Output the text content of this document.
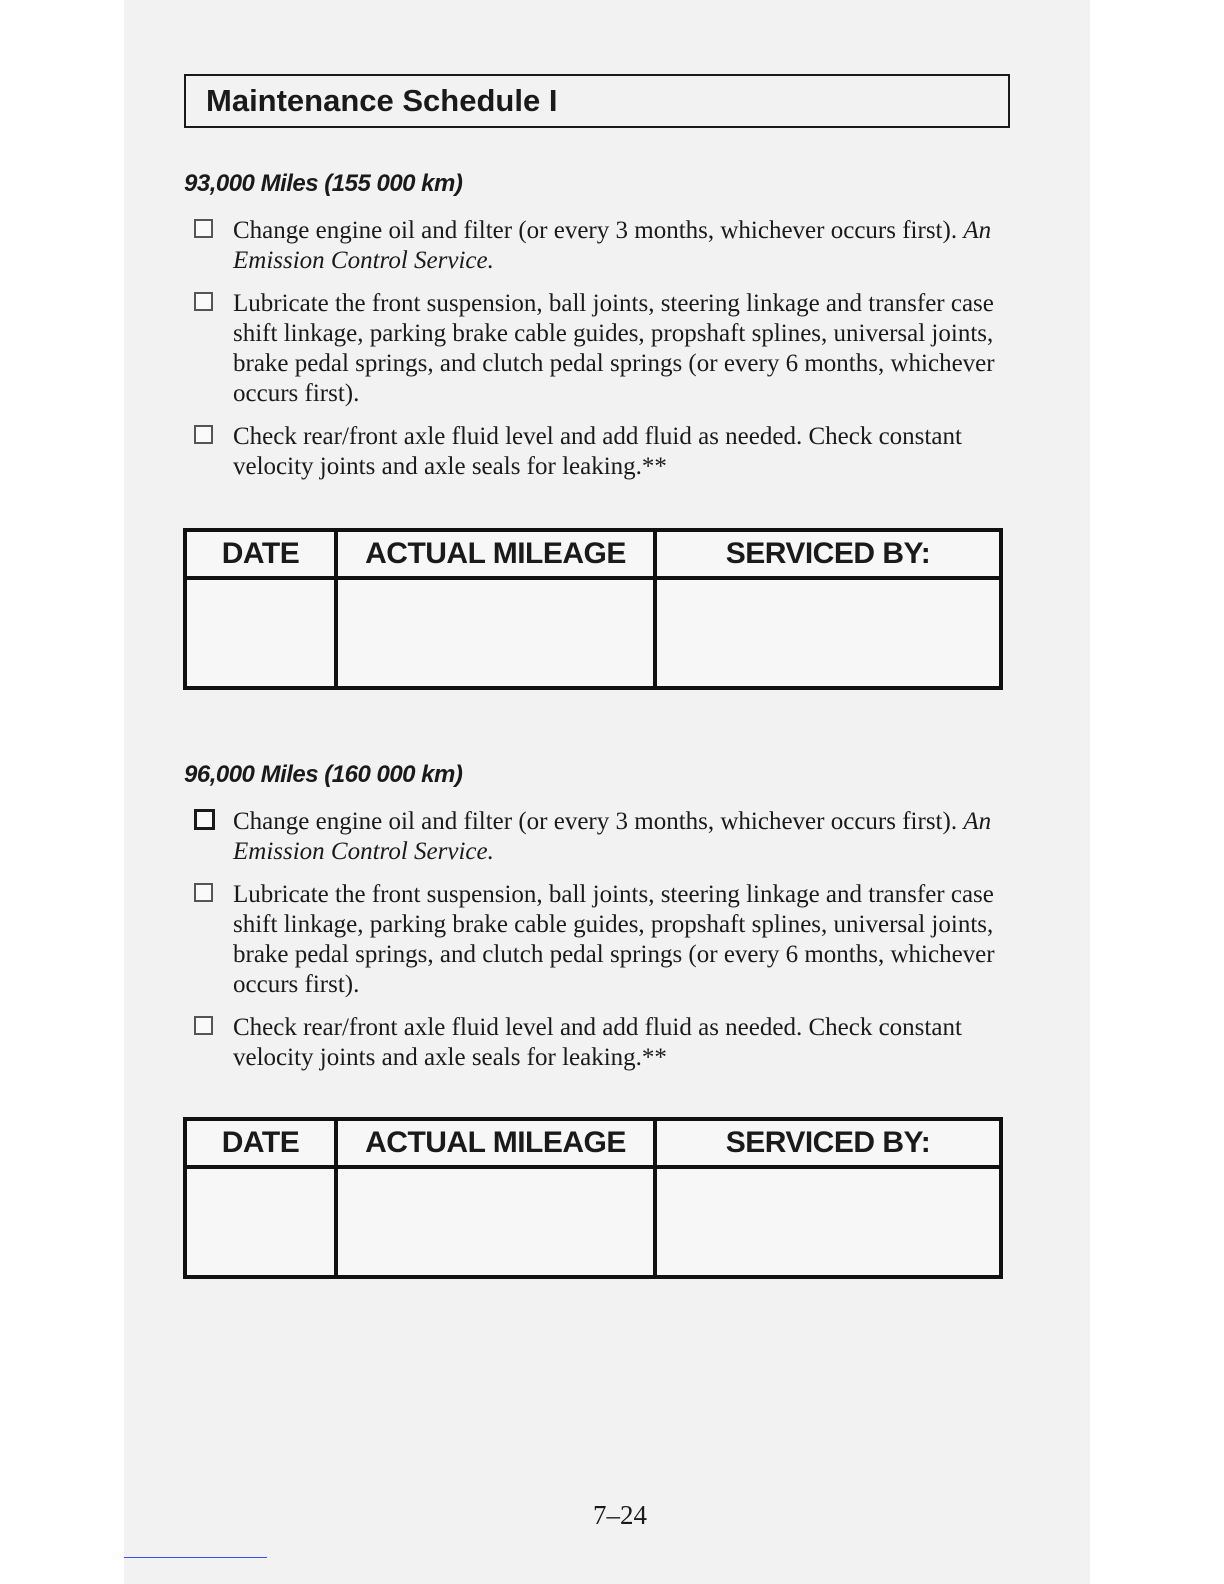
Maintenance Schedule I
93,000 Miles (155 000 km)
Change engine oil and filter (or every 3 months, whichever occurs first). An Emission Control Service.
Lubricate the front suspension, ball joints, steering linkage and transfer case shift linkage, parking brake cable guides, propshaft splines, universal joints, brake pedal springs, and clutch pedal springs (or every 6 months, whichever occurs first).
Check rear/front axle fluid level and add fluid as needed. Check constant velocity joints and axle seals for leaking.**
DATE	ACTUAL MILEAGE	SERVICED BY:
96,000 Miles (160 000 km)
Change engine oil and filter (or every 3 months, whichever occurs first). An Emission Control Service.
Lubricate the front suspension, ball joints, steering linkage and transfer case shift linkage, parking brake cable guides, propshaft splines, universal joints, brake pedal springs, and clutch pedal springs (or every 6 months, whichever occurs first).
Check rear/front axle fluid level and add fluid as needed. Check constant velocity joints and axle seals for leaking.**
DATE	ACTUAL MILEAGE	SERVICED BY:
7–24
